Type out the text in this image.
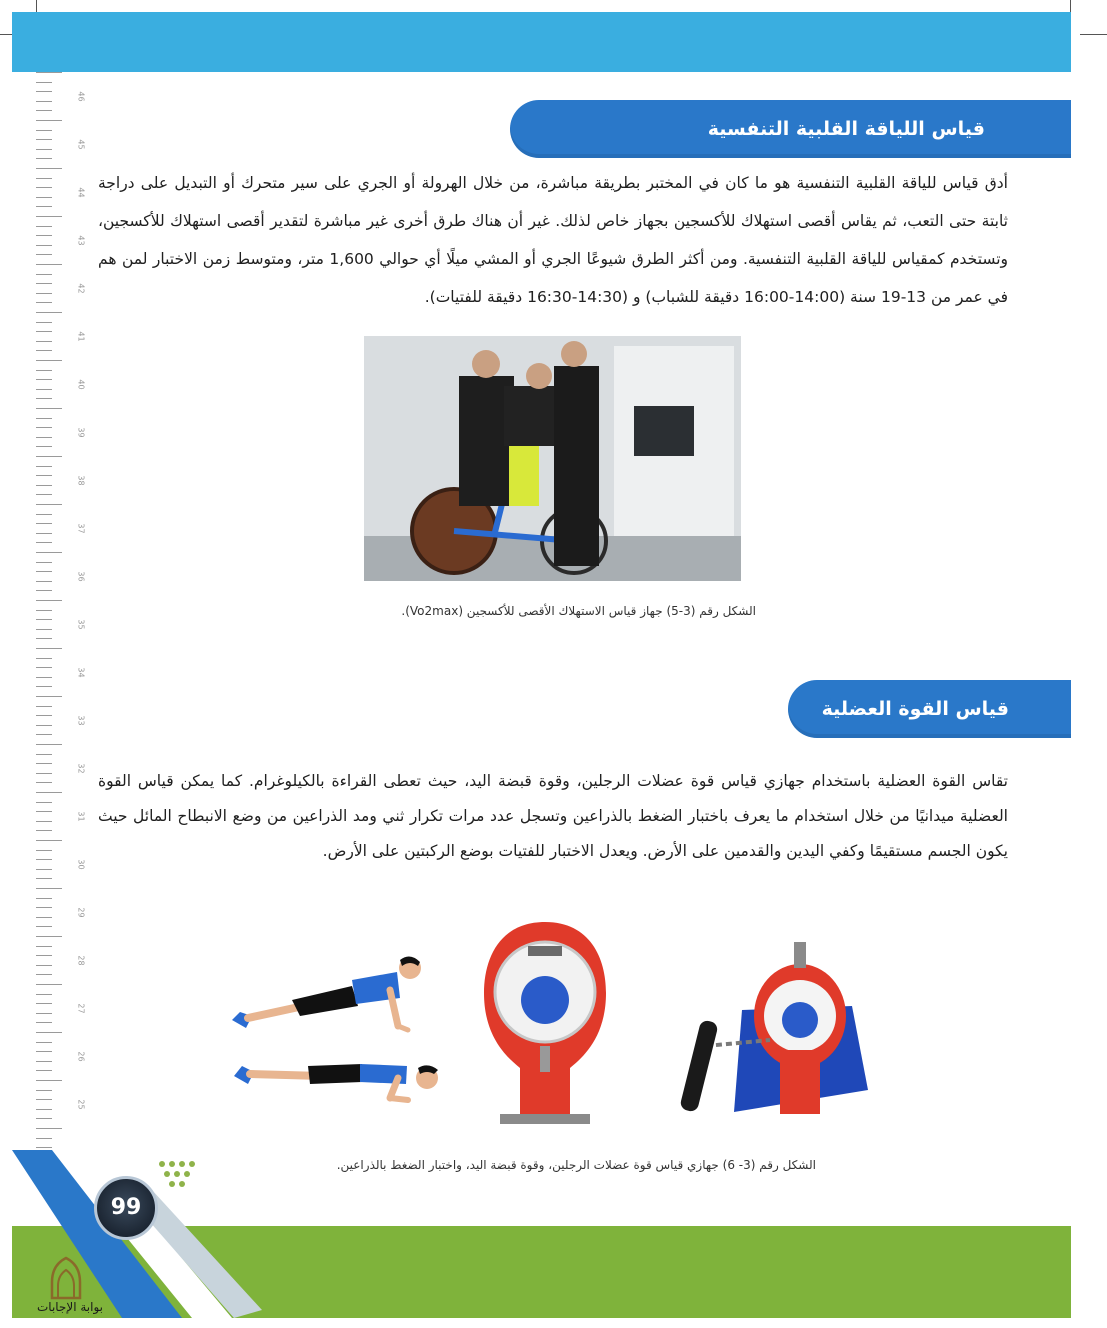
46
45
44
43
42
41
40
39
38
37
36
35
34
33
32
31
30
29
28
27
26
25
قياس اللياقة القلبية التنفسية
أدق قياس للياقة القلبية التنفسية هو ما كان في المختبر بطريقة مباشرة، من خلال الهرولة أو الجري على سير متحرك أو التبديل على دراجة ثابتة حتى التعب، ثم يقاس أقصى استهلاك للأكسجين بجهاز خاص لذلك. غير أن هناك طرق أخرى غير مباشرة لتقدير أقصى استهلاك للأكسجين، وتستخدم كمقياس للياقة القلبية التنفسية. ومن أكثر الطرق شيوعًا الجري أو المشي ميلًا أي حوالي 1,600 متر، ومتوسط زمن الاختبار لمن هم في عمر من 13-19 سنة (14:00-16:00 دقيقة للشباب) و (14:30-16:30 دقيقة للفتيات).
الشكل رقم (3-5) جهاز قياس الاستهلاك الأقصى للأكسجين (Vo2max).
قياس القوة العضلية
تقاس القوة العضلية باستخدام جهازي قياس قوة عضلات الرجلين، وقوة قبضة اليد، حيث تعطى القراءة بالكيلوغرام. كما يمكن قياس القوة العضلية ميدانيًا من خلال استخدام ما يعرف باختبار الضغط بالذراعين وتسجل عدد مرات تكرار ثني ومد الذراعين من وضع الانبطاح المائل حيث يكون الجسم مستقيمًا وكفي اليدين والقدمين على الأرض. ويعدل الاختبار للفتيات بوضع الركبتين على الأرض.
الشكل رقم (3- 6) جهازي قياس قوة عضلات الرجلين، وقوة قبضة اليد، واختبار الضغط بالذراعين.
99
بوابة الإجابات
